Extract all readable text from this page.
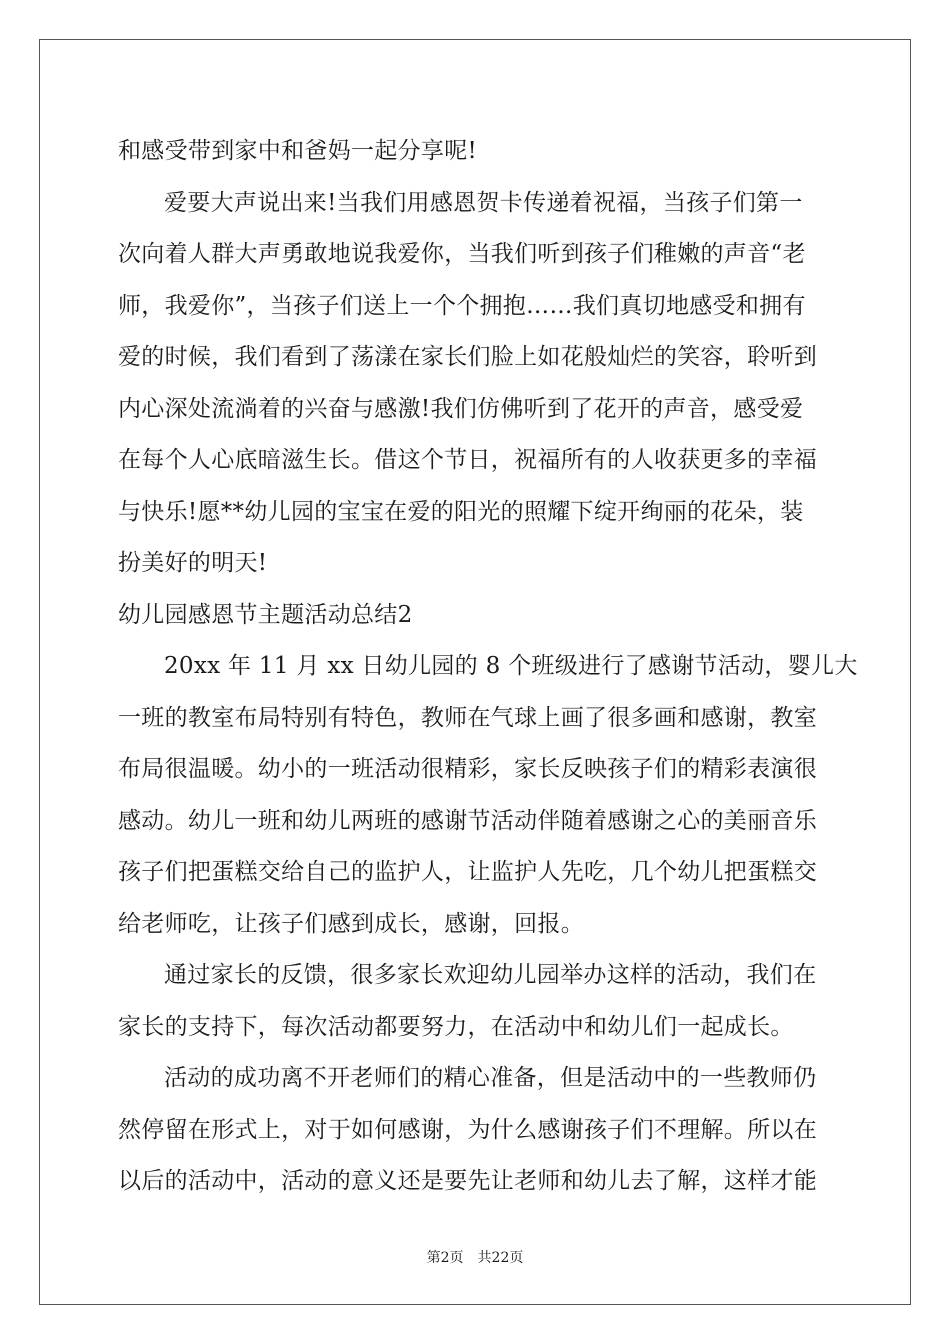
和感受带到家中和爸妈一起分享呢!
爱要大声说出来!当我们用感恩贺卡传递着祝福，当孩子们第一
次向着人群大声勇敢地说我爱你，当我们听到孩子们稚嫩的声音“老
师，我爱你”，当孩子们送上一个个拥抱……我们真切地感受和拥有
爱的时候，我们看到了荡漾在家长们脸上如花般灿烂的笑容，聆听到
内心深处流淌着的兴奋与感激!我们仿佛听到了花开的声音，感受爱
在每个人心底暗滋生长。借这个节日，祝福所有的人收获更多的幸福
与快乐!愿**幼儿园的宝宝在爱的阳光的照耀下绽开绚丽的花朵，装
扮美好的明天!
幼儿园感恩节主题活动总结2
20xx 年 11 月 xx 日幼儿园的 8 个班级进行了感谢节活动，婴儿大
一班的教室布局特别有特色，教师在气球上画了很多画和感谢，教室
布局很温暖。幼小的一班活动很精彩，家长反映孩子们的精彩表演很
感动。幼儿一班和幼儿两班的感谢节活动伴随着感谢之心的美丽音乐
孩子们把蛋糕交给自己的监护人，让监护人先吃，几个幼儿把蛋糕交
给老师吃，让孩子们感到成长，感谢，回报。
通过家长的反馈，很多家长欢迎幼儿园举办这样的活动，我们在
家长的支持下，每次活动都要努力，在活动中和幼儿们一起成长。
活动的成功离不开老师们的精心准备，但是活动中的一些教师仍
然停留在形式上，对于如何感谢，为什么感谢孩子们不理解。所以在
以后的活动中，活动的意义还是要先让老师和幼儿去了解，这样才能
第2页 共22页
